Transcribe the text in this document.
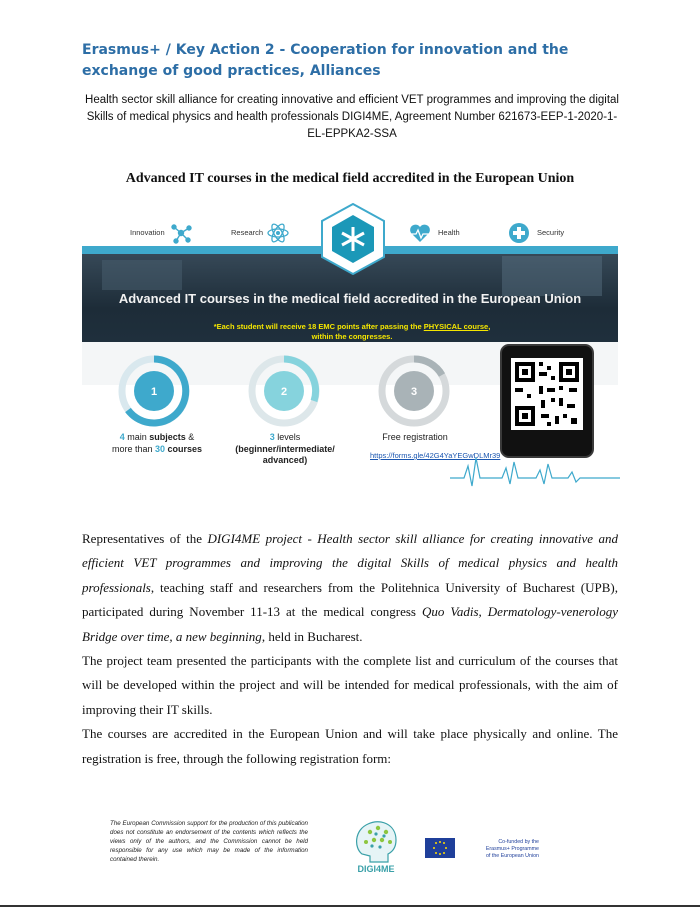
Erasmus+ / Key Action 2 - Cooperation for innovation and the exchange of good practices, Alliances
Health sector skill alliance for creating innovative and efficient VET programmes and improving the digital Skills of medical physics and health professionals DIGI4ME, Agreement Number 621673-EEP-1-2020-1-EL-EPPKA2-SSA
Advanced IT courses in the medical field accredited in the European Union
Innovation	Research	Health	Security
Advanced IT courses in the medical field accredited in the European Union
*Each student will receive 18 EMC points after passing the PHYSICAL course,
within the congresses.
1	2	3
4 main subjects &
more than 30 courses
3 levels
(beginner/intermediate/
advanced)
Free registration
https://forms.gle/42G4YaYEGwDLMr39

Representatives of the DIGI4ME project - Health sector skill alliance for creating innovative and efficient VET programmes and improving the digital Skills of medical physics and health professionals, teaching staff and researchers from the Politehnica University of Bucharest (UPB), participated during November 11-13 at the medical congress Quo Vadis, Dermatology-venerology Bridge over time, a new beginning, held in Bucharest.

The project team presented the participants with the complete list and curriculum of the courses that will be developed within the project and will be intended for medical professionals, with the aim of improving their IT skills.

The courses are accredited in the European Union and will take place physically and online. The registration is free, through the following registration form:

The European Commission support for the production of this publication does not constitute an endorsement of the contents which reflects the views only of the authors, and the Commission cannot be held responsible for any use which may be made of the information contained therein.
DIGI4ME
Co-funded by the
Erasmus+ Programme
of the European Union
